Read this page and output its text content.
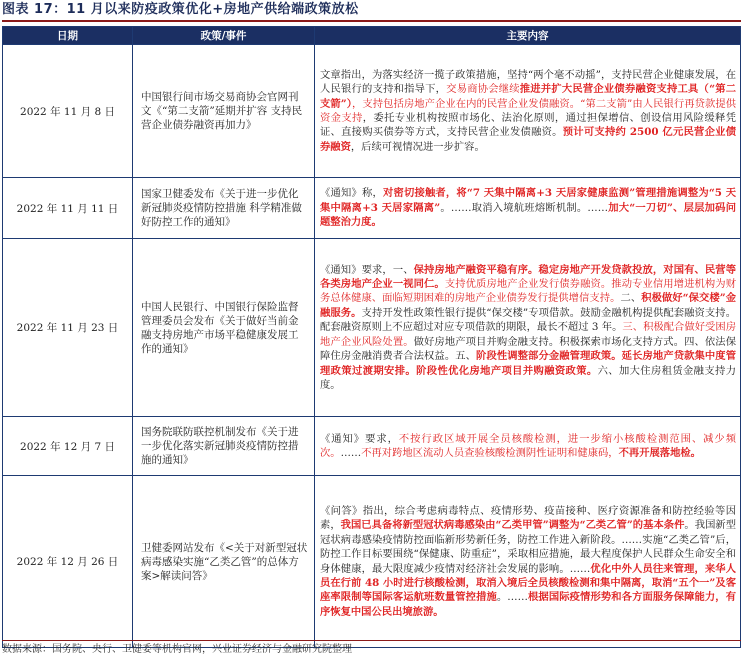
图表 17：11 月以来防疫政策优化+房地产供给端政策放松
日期	政策/事件	主要内容
2022 年 11 月 8 日	中国银行间市场交易商协会官网刊文《“第二支箭”延期并扩容 支持民营企业债券融资再加力》	文章指出，为落实经济一揽子政策措施，坚持“两个毫不动摇”，支持民营企业健康发展，在人民银行的支持和指导下，交易商协会继续推进并扩大民营企业债券融资支持工具（“第二支箭”），支持包括房地产企业在内的民营企业发债融资。“第二支箭”由人民银行再贷款提供资金支持，委托专业机构按照市场化、法治化原则，通过担保增信、创设信用风险缓释凭证、直接购买债券等方式，支持民营企业发债融资。预计可支持约 2500 亿元民营企业债券融资，后续可视情况进一步扩容。

2022 年 11 月 11 日	国家卫健委发布《关于进一步优化新冠肺炎疫情防控措施 科学精准做好防控工作的通知》	《通知》称，对密切接触者，将“7 天集中隔离+3 天居家健康监测”管理措施调整为“5 天集中隔离+3 天居家隔离”。……取消入境航班熔断机制。……加大“一刀切”、层层加码问题整治力度。

2022 年 11 月 23 日	中国人民银行、中国银行保险监督管理委员会发布《关于做好当前金融支持房地产市场平稳健康发展工作的通知》	《通知》要求，一、保持房地产融资平稳有序。稳定房地产开发贷款投放，对国有、民营等各类房地产企业一视同仁。支持优质房地产企业发行债券融资。推动专业信用增进机构为财务总体健康、面临短期困难的房地产企业债券发行提供增信支持。二、积极做好“保交楼”金融服务。支持开发性政策性银行提供“保交楼”专项借款。鼓励金融机构提供配套融资支持。配套融资原则上不应超过对应专项借款的期限，最长不超过 3 年。三、积极配合做好受困房地产企业风险处置。做好房地产项目并购金融支持。积极探索市场化支持方式。四、依法保障住房金融消费者合法权益。五、阶段性调整部分金融管理政策。延长房地产贷款集中度管理政策过渡期安排。阶段性优化房地产项目并购融资政策。六、加大住房租赁金融支持力度。

2022 年 12 月 7 日	国务院联防联控机制发布《关于进一步优化落实新冠肺炎疫情防控措施的通知》	《通知》要求，不按行政区域开展全员核酸检测，进一步缩小核酸检测范围、减少频次。……不再对跨地区流动人员查验核酸检测阴性证明和健康码，不再开展落地检。

2022 年 12 月 26 日	卫健委网站发布《<关于对新型冠状病毒感染实施“乙类乙管”的总体方案>解读问答》	《问答》指出，综合考虑病毒特点、疫情形势、疫苗接种、医疗资源准备和防控经验等因素，我国已具备将新型冠状病毒感染由“乙类甲管”调整为“乙类乙管”的基本条件。我国新型冠状病毒感染疫情防控面临新形势新任务，防控工作进入新阶段。……实施“乙类乙管”后，防控工作目标要围绕“保健康、防重症”，采取相应措施，最大程度保护人民群众生命安全和身体健康，最大限度减少疫情对经济社会发展的影响。……优化中外人员往来管理，来华人员在行前 48 小时进行核酸检测，取消入境后全员核酸检测和集中隔离，取消“五个一”及客座率限制等国际客运航班数量管控措施。……根据国际疫情形势和各方面服务保障能力，有序恢复中国公民出境旅游。
数据来源：国务院、央行、卫健委等机构官网，兴业证券经济与金融研究院整理
